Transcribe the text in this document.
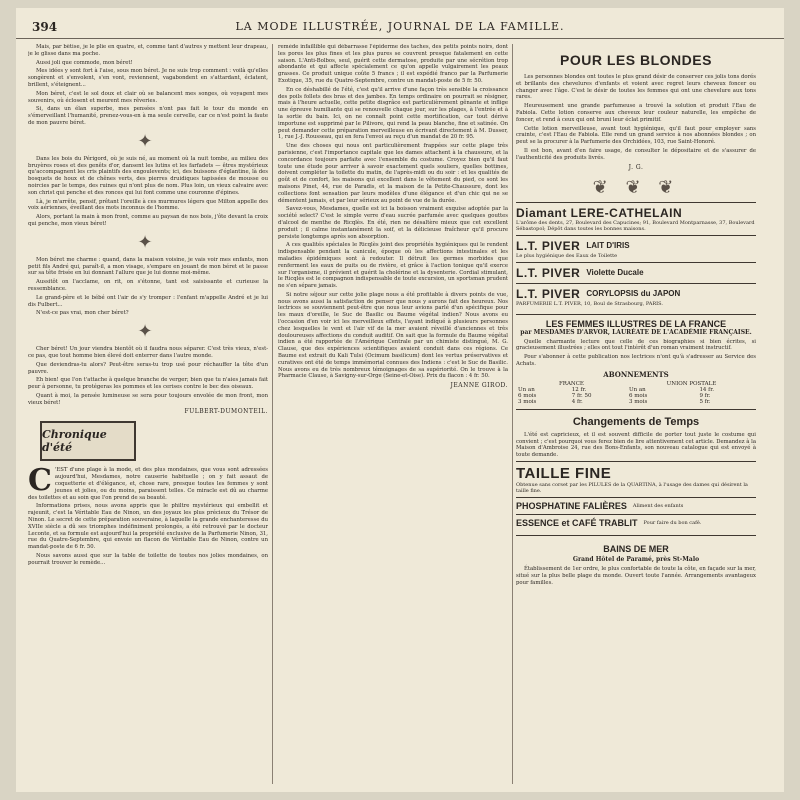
394	LA MODE ILLUSTRÉE, JOURNAL DE LA FAMILLE.

Mais, par bêtise, je le plie en quatre, et, comme tant d'autres y mettent leur drapeau, je le glisse dans ma poche.

Aussi joli que commode, mon béret!

Mes idées y sont fort à l'aise, sous mon béret. Je ne suis trop comment : voilà qu'elles songèrent et s'envolent, s'en vont, reviennent, vagabondent en s'attardant, éclatent, brillent, s'éteignent...

Mon béret, c'est le sol doux et clair où se balancent mes songes, où voyagent mes souvenirs, où éclosent et meurent mes rêveries.

Si, dans un élan superbe, mes pensées n'ont pas fait le tour du monde en s'émerveillant l'humanité, prenez-vous-en à ma seule cervelle, car ce n'est point la faute de mon pauvre béret.

✦

Dans les bois du Périgord, où je suis né, au moment où la nuit tombe, au milieu des bruyères roses et des genêts d'or, dansent les lutins et les farfadets — êtres mystérieux qu'accompagnent les cris plaintifs des engoulevents; ici, des buissons d'églantine, là des bosquets de houx et de chênes verts, des pierres druidiques tapissées de mousse ou noircies par le temps, des ruines qui n'ont plus de nom. Plus loin, un vieux calvaire avec son christ qui penche et des ronces qui lui font comme une couronne d'épines.

Là, je m'arrête, pensif, prêtant l'oreille à ces murmures légers que Milton appelle des voix aériennes, éveillant des mots inconnus de l'homme.

Alors, portant la main à mon front, comme au paysan de nos bois, j'ôte devant la croix qui penche, mon vieux béret!

✦

Mon béret me charme : quand, dans la maison voisine, je vais voir mes enfants, mon petit fils André qui, paraît-il, a mon visage, s'empare en jouant de mon béret et le passe sur sa tête frisée en lui donnant l'allure que je lui donne moi-même.

Aussitôt on l'acclame, on rit, on s'étonne, tant est saisissante et curieuse la ressemblance.

Le grand-père et le bébé ont l'air de s'y tromper : l'enfant m'appelle André et je lui dis Fulbert...

N'est-ce pas vrai, mon cher béret?

✦

Cher béret! Un jour viendra bientôt où il faudra nous séparer. C'est très vieux, n'est-ce pas, que tout homme bien élevé doit enterrer dans l'autre monde.

Que deviendras-tu alors? Peut-être seras-tu trop usé pour réchauffer la tête d'un pauvre.

Eh bien! que l'on t'attache à quelque branche de verger; bien que tu n'aies jamais fait peur à personne, tu protégeras les pommes et les cerises contre le bec des oiseaux.

Quant à moi, la pensée lumineuse se sera pour toujours envolée de mon front, mon vieux béret!

FULBERT-DUMONTEIL.

Chronique d'été

C 'EST d'une plage à la mode, et des plus mondaines, que vous sont adressées aujourd'hui, Mesdames, notre causerie habituelle ; on y fait assaut de coquetterie et d'élégance, et, chose rare, presque toutes les femmes y sont jeunes et jolies, ou du moins, paraissent telles. Ce miracle est dû au charme des toilettes et au soin que l'on prend de sa beauté.

Informations prises, nous avons appris que le philtre mystérieux qui embellit et rajeunit, c'est la Véritable Eau de Ninon, un des joyaux les plus précieux du Trésor de Ninon. Le secret de cette préparation souveraine, à laquelle la grande enchanteresse du XVIIe siècle a dû ses triomphes indéfiniment prolongés, a été retrouvé par le docteur Leconte, et sa formule est aujourd'hui la propriété exclusive de la Parfumerie Ninon, 31, rue du Quatre-Septembre, qui envoie un flacon de Véritable Eau de Ninon, contre un mandat-poste de 6 fr. 50.

Nous savons aussi que sur la table de toilette de toutes nos jolies mondaines, on pourrait trouver le remède...

remède infaillible qui débarrasse l'épiderme des taches, des petits points noirs, dont les pores les plus fines et les plus pures se couvrent presque fatalement en cette saison. L'Anti-Bolbos, seul, guérit cette dermatose, produite par une sécrétion trop abondante et qui affecte spécialement ce qu'on appelle vulgairement les peaux grasses. Ce produit unique coûte 5 francs ; il est expédié franco par la Parfumerie Exotique, 35, rue du Quatre-Septembre, contre un mandat-poste de 5 fr. 50.

En ce déshabillé de l'été, c'est qu'il arrive d'une façon très sensible la croissance des poils follets des bras et des jambes. En temps ordinaire on pourrait se résigner, mais à l'heure actuelle, cette petite disgrâce est particulièrement gênante et inflige une épreuve humiliante qui se renouvelle chaque jour, sur les plages, à l'entrée et à la sortie du bain. Ici, on ne connaît point cette mortification, car tout dérive importune est supprimé par le Pilivore, qui rend la peau blanche, fine et satinée. On peut demander cette préparation merveilleuse en écrivant directement à M. Dusser, 1, rue J.-J. Rousseau, qui en fera l'envoi au reçu d'un mandat de 20 fr. 95.

Une des choses qui nous ont particulièrement frappées sur cette plage très parisienne, c'est l'importance capitale que les dames attachent à la chaussure, et la concordance toujours parfaite avec l'ensemble du costume. Croyez bien qu'il faut toute une étude pour arriver à savoir exactement quels souliers, quelles bottines, doivent compléter la toilette du matin, de l'après-midi ou du soir : et les qualités de goût et de confort, les maisons qui excellent dans le vêtement du pied, ce sont les maisons Pinet, 44, rue de Paradis, et la maison de la Petite-Chaussure, dont les collections font sensation par leurs modèles d'une élégance et d'un chic qui ne se démentent jamais, et par leur sérieux au point de vue de la durée.

Savez-vous, Mesdames, quelle est ici la boisson vraiment exquise adoptée par la société select? C'est le simple verre d'eau sucrée parfumée avec quelques gouttes d'alcool de menthe de Ricqlès. En été, rien ne désaltère mieux que cet excellent produit ; il calme instantanément la soif, et la délicieuse fraîcheur qu'il procure persiste longtemps après son absorption.

A ces qualités spéciales le Ricqlès joint des propriétés hygiéniques qui le rendent indispensable pendant la canicule, époque où les affections intestinales et les maladies épidémiques sont à redouter. Il détruit les germes morbides que renferment les eaux de puits ou de rivière, et grâce à l'action tonique qu'il exerce sur l'organisme, il prévient et guérit la cholérine et la dysenterie. Cordial stimulant, le Ricqlès est le compagnon indispensable de toute excursion, un sportsman prudent ne s'en sépare jamais.

Si notre séjour sur cette jolie plage nous a été profitable à divers points de vue, nous avons aussi la satisfaction de penser que nous y aurons fait des heureux. Nos lectrices se souviennent peut-être que nous leur avions parlé d'un spécifique pour les maux d'oreille, le Suc de Basilic ou Baume végétal indien? Nous avons eu l'occasion d'en voir ici les merveilleux effets, l'ayant indiqué à plusieurs personnes chez lesquelles le vent et l'air vif de la mer avaient réveillé d'anciennes et très douloureuses affections du conduit auditif. On sait que la formule du Baume végétal indien a été rapportée de l'Amérique Centrale par un chimiste distingué, M. G. Clause, que des expériences scientifiques avaient conduit dans ces régions. Ce Baume est extrait du Kali Tulsi (Ocimum basilicum) dont les vertus préservatives et curatives ont été de temps immémorial connues des Indiens : c'est le Suc de Basilic. Nous avons eu de très nombreux témoignages de sa supériorité. On le trouve à la Pharmacie Clause, à Savigny-sur-Orge (Seine-et-Oise). Prix du flacon : 4 fr. 50.

JEANNE GIROD.

POUR LES BLONDES

Les personnes blondes ont toutes le plus grand désir de conserver ces jolis tons dorés et brillants des chevelures d'enfants et voient avec regret leurs cheveux foncer ou changer avec l'âge. C'est le désir de toutes les femmes qui ont une chevelure aux tons rares.

Heureusement une grande parfumeuse a trouvé la solution et produit l'Eau de Fabiola. Cette lotion conserve aux cheveux leur couleur naturelle, les empêche de foncer, et rend à ceux qui ont bruni leur éclat primitif.

Cette lotion merveilleuse, avant tout hygiénique, qu'il faut pour employer sans crainte, c'est l'Eau de Fabiola. Elle rend un grand service à nos abonnées blondes ; on peut se la procurer à la Parfumerie des Orchidées, 103, rue Saint-Honoré.

Il est bon, avant d'en faire usage, de consulter le dépositaire et de s'assurer de l'authenticité des produits livrés.

J. G.

❦ ❦ ❦
Diamant LERE-CATHELAIN
L'arôme des dents, 27, Boulevard des Capucines; 91, Boulevard Montparnasse, 37, Boulevard Sébastopol; Dépôt dans toutes les bonnes maisons.
L.T. PIVER LAIT D'IRIS
Le plus hygiénique des Eaux de Toilette
L.T. PIVER Violette Ducale
L.T. PIVER CORYLOPSIS du JAPON
PARFUMERIE L.T. PIVER, 10, Boul de Strasbourg, PARIS.
LES FEMMES ILLUSTRES DE LA FRANCE
par MESDAMES D'ARVOR, LAURÉATE DE L'ACADÉMIE FRANÇAISE.

Quelle charmante lecture que celle de ces biographies si bien écrites, si gracieusement illustrées ; elles ont tout l'intérêt d'un roman vraiment instructif.

Pour s'abonner à cette publication nos lectrices n'ont qu'à s'adresser au Service des Achats.

ABONNEMENTS
FRANCE		UNION POSTALE	
Un an	12 fr.	Un an	14 fr.
6 mois	7 fr. 50	6 mois	9 fr.
3 mois	4 fr.	3 mois	5 fr.
Changements de Temps

L'été est capricieux, et il est souvent difficile de porter tout juste le costume qui convient ; c'est pourquoi vous ferez bien de lire attentivement cet article. Demandez à la Maison d'Ambroise 24, rue des Bons-Enfants, son nouveau catalogue qui est envoyé à toute demande.

TAILLE FINE
Obtenue sans corset par les PILULES de la QUARTINA, à l'usage des dames qui désirent la taille fine.
PHOSPHATINE FALIÈRES Aliment des enfants
ESSENCE et CAFÉ TRABLIT Pour faire du bon café.
BAINS DE MER
Grand Hôtel de Paramé, près St-Malo

Établissement de 1er ordre, le plus confortable de toute la côte, en façade sur la mer, situé sur la plus belle plage du monde. Ouvert toute l'année. Arrangements avantageux pour familles.
